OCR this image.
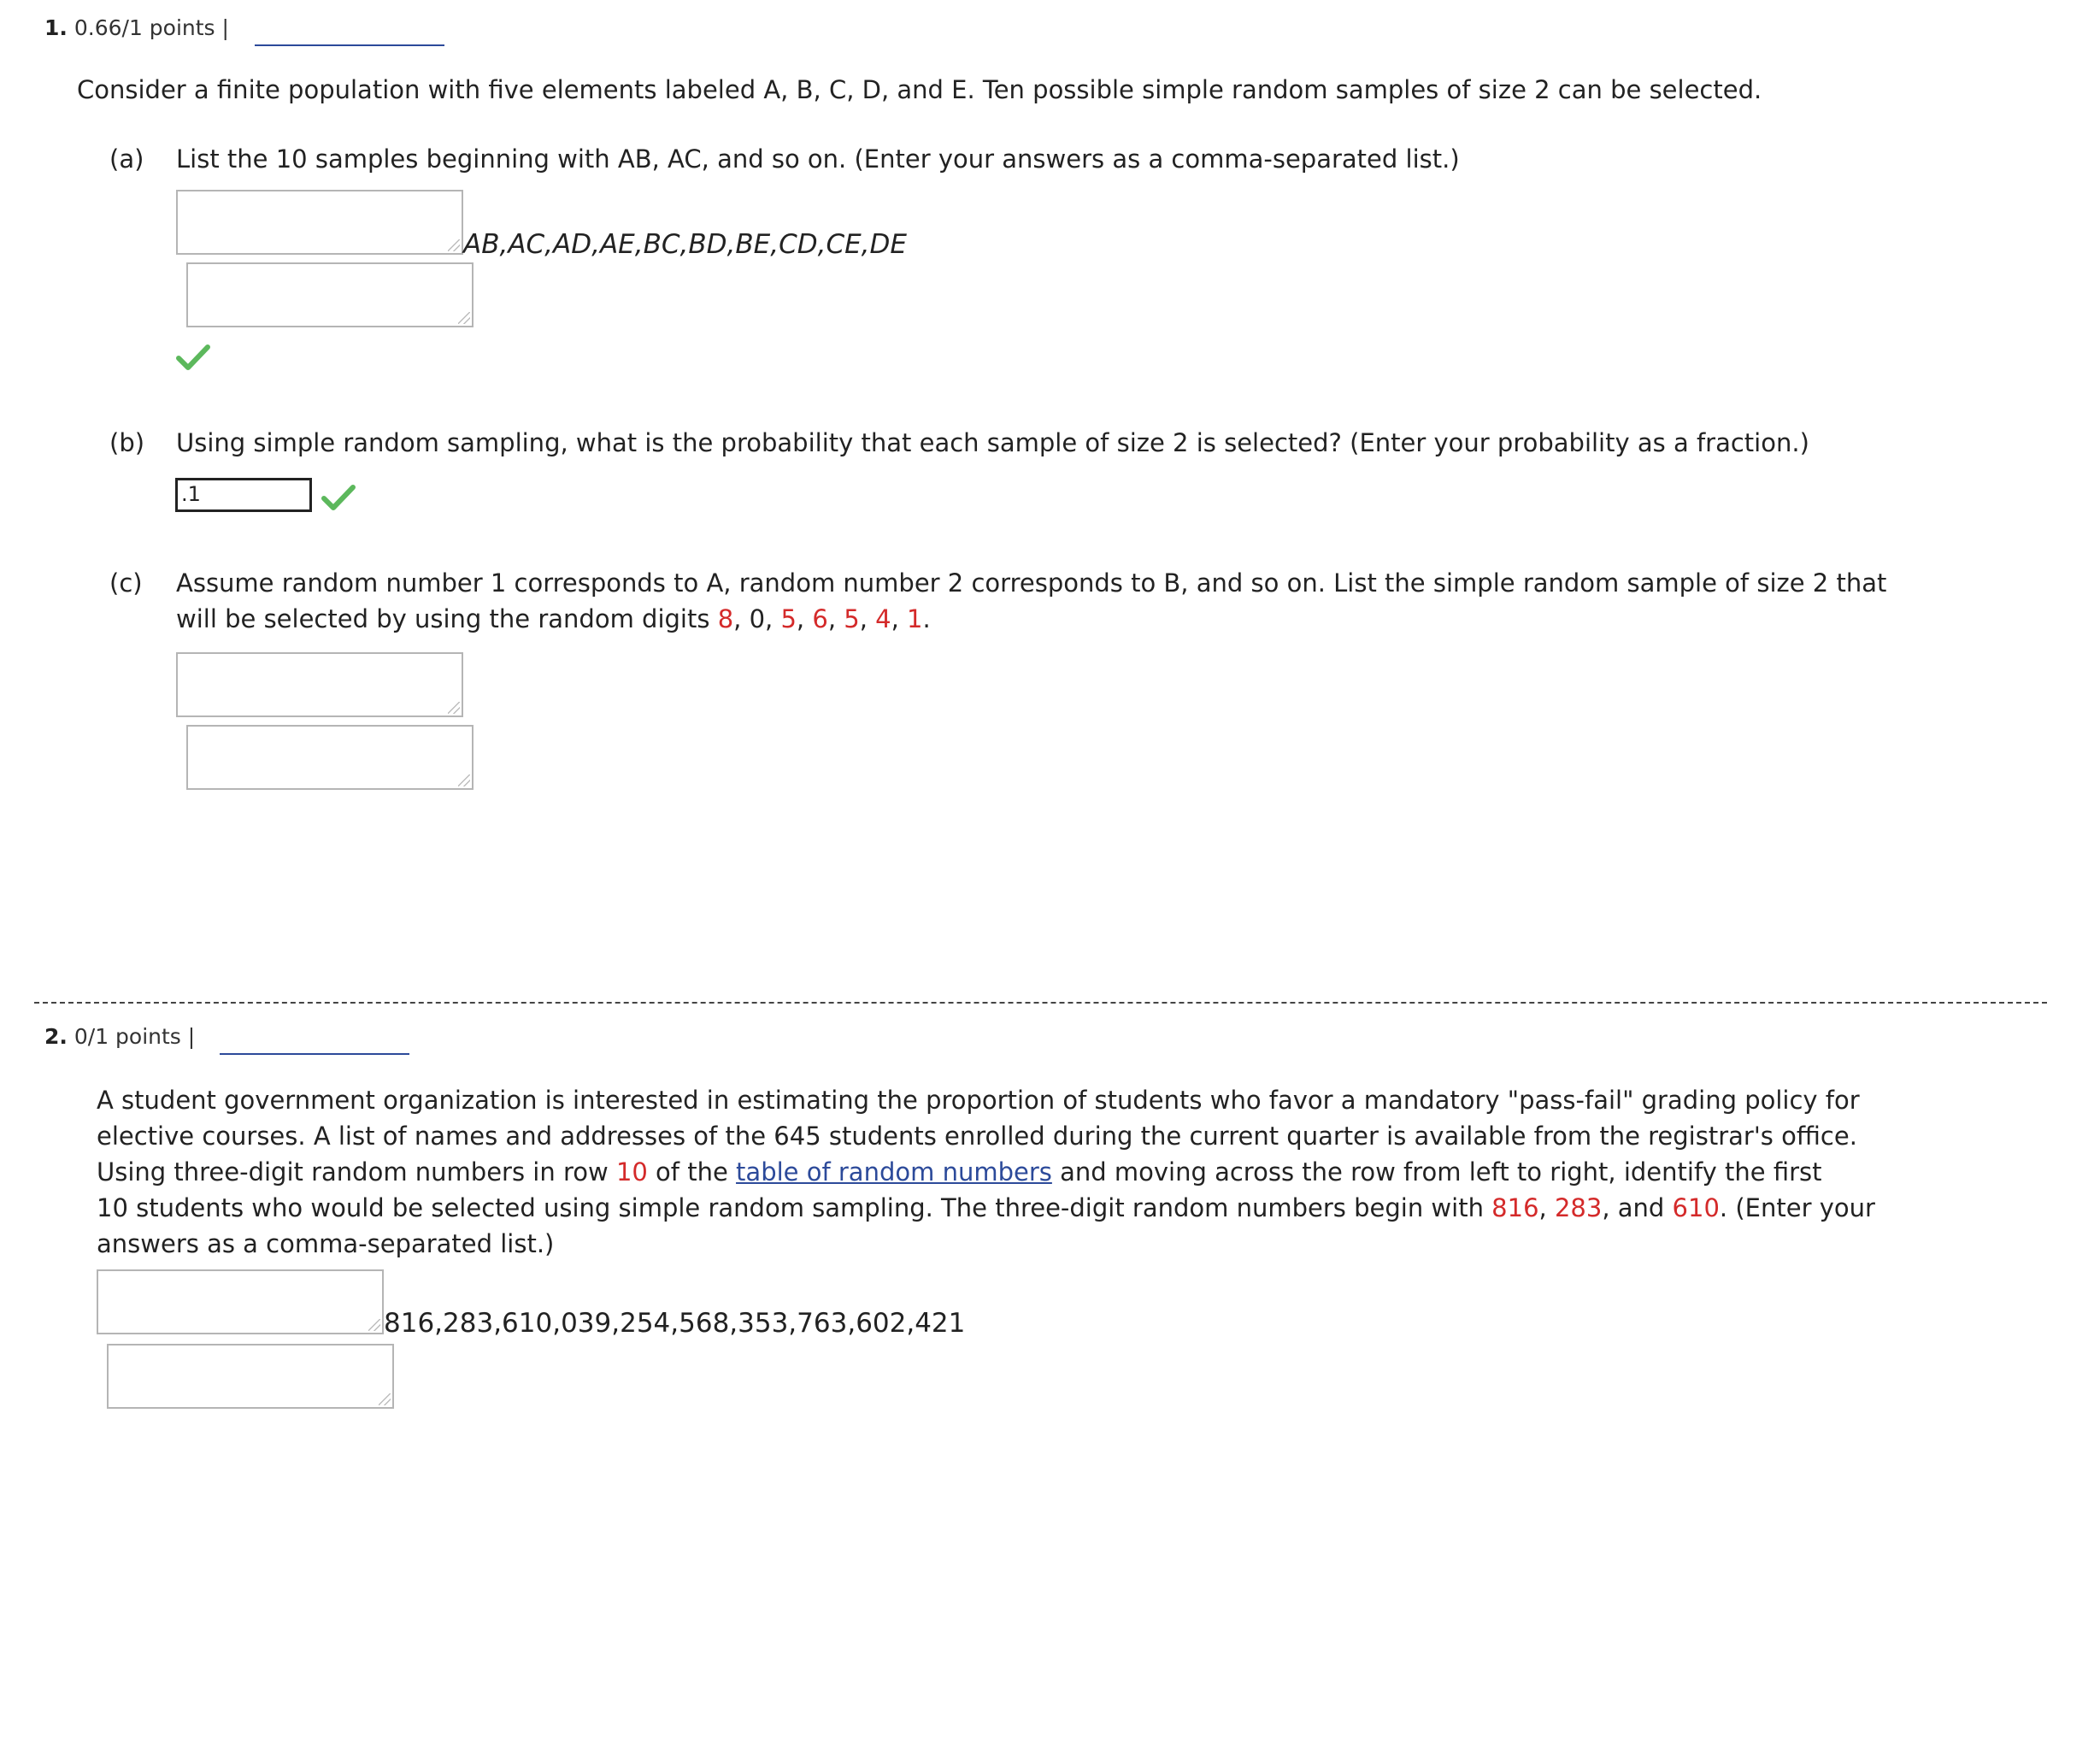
1. 0.66/1 points |
Consider a finite population with five elements labeled A, B, C, D, and E. Ten possible simple random samples of size 2 can be selected.
(a) List the 10 samples beginning with AB, AC, and so on. (Enter your answers as a comma-separated list.)
AB,AC,AD,AE,BC,BD,BE,CD,CE,DE
(b) Using simple random sampling, what is the probability that each sample of size 2 is selected? (Enter your probability as a fraction.)
.1
(c) Assume random number 1 corresponds to A, random number 2 corresponds to B, and so on. List the simple random sample of size 2 that
will be selected by using the random digits 8, 0, 5, 6, 5, 4, 1.
2. 0/1 points |
A student government organization is interested in estimating the proportion of students who favor a mandatory "pass-fail" grading policy for
elective courses. A list of names and addresses of the 645 students enrolled during the current quarter is available from the registrar's office.
Using three-digit random numbers in row 10 of the table of random numbers and moving across the row from left to right, identify the first
10 students who would be selected using simple random sampling. The three-digit random numbers begin with 816, 283, and 610. (Enter your
answers as a comma-separated list.)
816,283,610,039,254,568,353,763,602,421
